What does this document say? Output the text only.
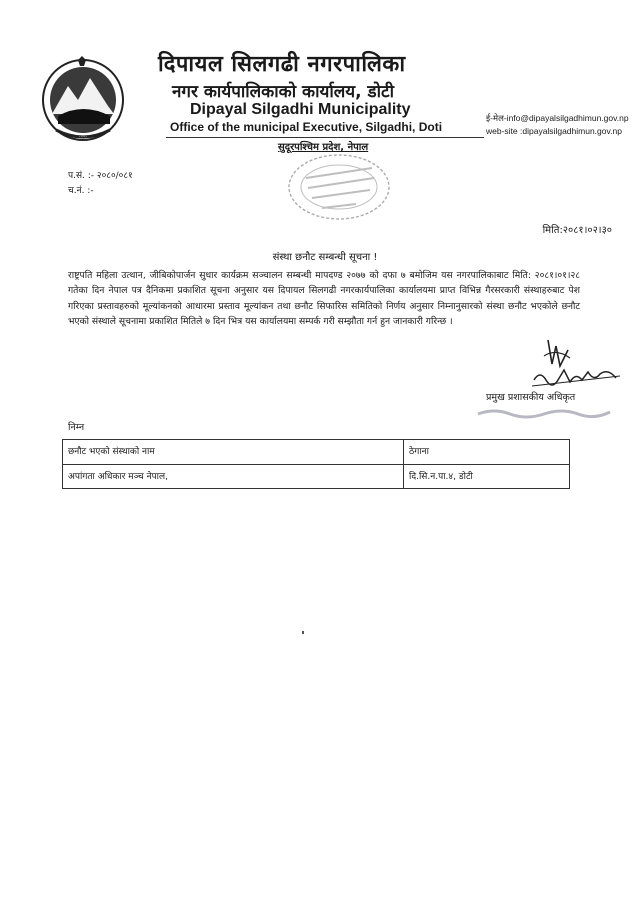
·····
दिपायल सिलगढी नगरपालिका
नगर कार्यपालिकाको कार्यालय, डोटी
Dipayal Silgadhi Municipality
Office of the municipal Executive, Silgadhi, Doti
ई-मेल-info@dipayalsilgadhimun.gov.np
web-site :dipayalsilgadhimun.gov.np
सुदूरपश्चिम प्रदेश, नेपाल
प.सं. :- २०८०/०८१
च.नं. :-
मिति:२०८१।०२।३०
संस्था छनौट सम्बन्धी सूचना !
राष्ट्रपति महिला उत्थान, जीबिकोपार्जन सुधार कार्यक्रम सञ्चालन सम्बन्धी मापदण्ड २०७७ को दफा ७ बमोजिम यस नगरपालिकाबाट मिति: २०८१।०१।२८ गतेका दिन नेपाल पत्र दैनिकमा प्रकाशित सूचना अनुसार यस दिपायल सिलगढी नगरकार्यपालिका कार्यालयमा प्राप्त विभिन्न गैरसरकारी संस्थाहरुबाट पेश गरिएका प्रस्तावहरुको मूल्यांकनको आधारमा प्रस्ताव मूल्यांकन तथा छनौट सिफारिस समितिको निर्णय अनुसार निम्नानुसारको संस्था छनौट भएकोले छनौट भएको संस्थाले सूचनामा प्रकाशित मितिले ७ दिन भित्र यस कार्यालयमा सम्पर्क गरी सम्झौता गर्न हुन जानकारी गरिन्छ ।
प्रमुख प्रशासकीय अधिकृत
निम्न
छनौट भएको संस्थाको नाम	ठेगाना
अपांगता अधिकार मञ्च नेपाल,	दि.सि.न.पा.४, डोटी
